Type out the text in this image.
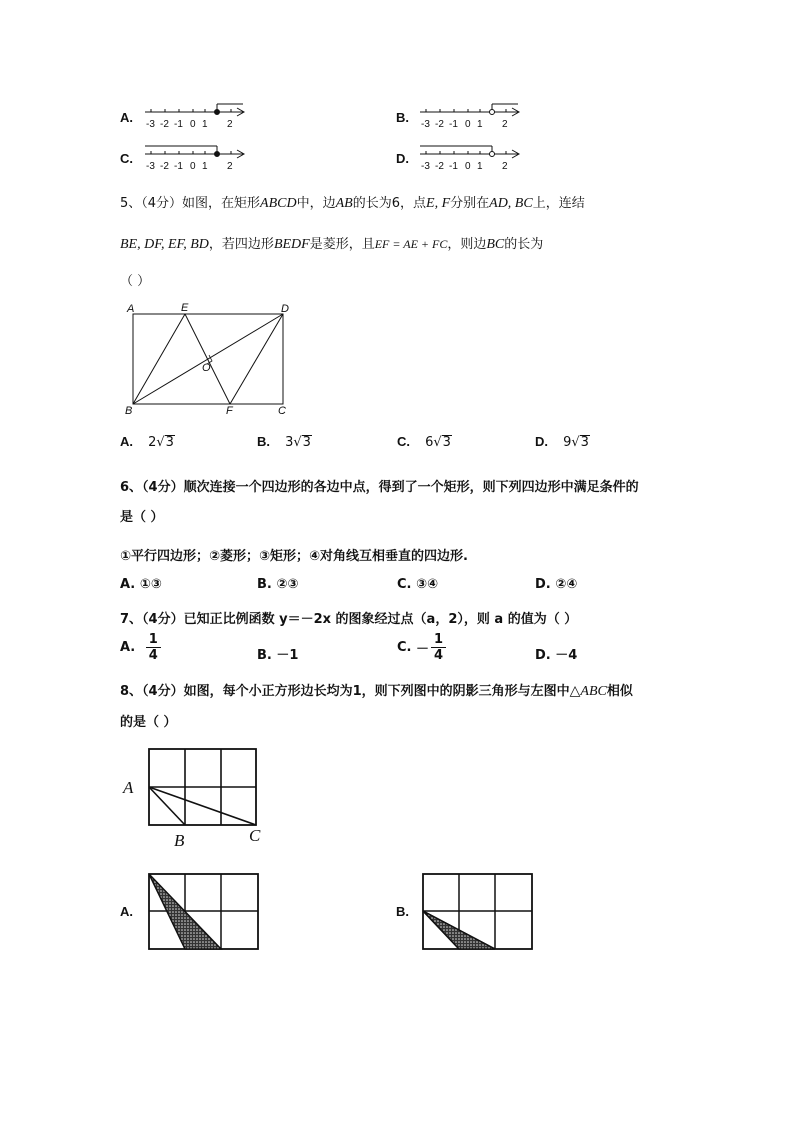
A. -3 -2 -1 0 1 2	B. -3 -2 -1 0 1 2
C.
-3 -2 -1 0 1 2
D.
-3 -2 -1 0 1 2
5、（4分）如图，在矩形ABCD中，边AB的长为6，点E, F分别在AD, BC上，连结
BE, DF, EF, BD，若四边形BEDF是菱形，且EF = AE + FC，则边BC的长为
（ ）
A	E	D
O
B	F	C
A. 2√3	B. 3√3	C. 6√3	D. 9√3
6、（4分）顺次连接一个四边形的各边中点，得到了一个矩形，则下列四边形中满足条件的
是（ ）
①平行四边形；②菱形；③矩形；④对角线互相垂直的四边形.
A. ①③	B. ②③	C. ③④	D. ②④
7、（4分）已知正比例函数 y＝－2x 的图象经过点（a，2），则 a 的值为（ ）
A. $\frac{1}{4}$	B. －1
C. － $\frac{1}{4}$	D. －4
8、（4分）如图，每个小正方形边长均为1，则下列图中的阴影三角形与左图中△ABC相似
的是（ ）
A
B	C
A.	B.
